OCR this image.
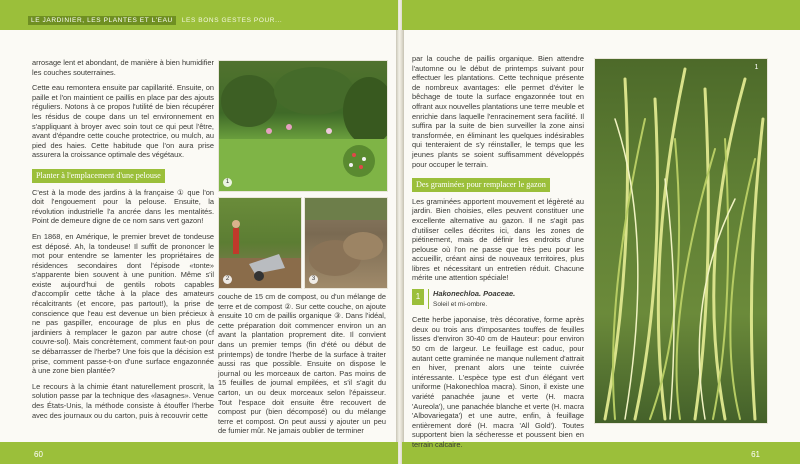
LE JARDINIER, LES PLANTES ET L'EAU LES BONS GESTES POUR...
60	61

arrosage lent et abondant, de manière à bien humidifier les couches souterraines.

Cette eau remontera ensuite par capillarité. Ensuite, on paille et l'on maintient ce paillis en place par des ajouts réguliers. Notons à ce propos l'utilité de bien récupérer les résidus de coupe dans un tel environnement en s'appliquant à broyer avec soin tout ce qui peut l'être, avant d'épandre cette couche protectrice, ou mulch, au pied des haies. Cette habitude que l'on aura prise assurera la croissance optimale des végétaux.

Planter à l'emplacement d'une pelouse

C'est à la mode des jardins à la française ① que l'on doit l'engouement pour la pelouse. Ensuite, la révolution industrielle l'a ancrée dans les mentalités. Point de demeure digne de ce nom sans vert gazon!

En 1868, en Amérique, le premier brevet de tondeuse est déposé. Ah, la tondeuse! Il suffit de prononcer le mot pour entendre se lamenter les propriétaires de résidences secondaires dont l'épisode «tonte» s'apparente bien souvent à une punition. Même s'il existe aujourd'hui de gentils robots capables d'accomplir cette tâche à la place des amateurs récalcitrants (et encore, pas partout!), la prise de conscience que l'eau est devenue un bien précieux à ne pas gaspiller, encourage de plus en plus de jardiniers à remplacer le gazon par autre chose (cf couvre-sol). Mais concrètement, comment faut-on pour se débarrasser de l'herbe? Une fois que la décision est prise, comment passe-t-on d'une surface engazonnée à une zone bien plantée?

Le recours à la chimie étant naturellement proscrit, la solution passe par la technique des «lasagnes». Venue des États-Unis, la méthode consiste à étouffer l'herbe avec des journaux ou du carton, puis à recouvrir cette

1
2	3

couche de 15 cm de compost, ou d'un mélange de terre et de compost ②. Sur cette couche, on ajoute ensuite 10 cm de paillis organique ③. Dans l'idéal, cette préparation doit commencer environ un an avant la plantation proprement dite. Il convient dans un premier temps (fin d'été ou début de printemps) de tondre l'herbe de la surface à traiter aussi ras que possible. Ensuite on dispose le journal ou les morceaux de carton. Pas moins de 15 feuilles de journal empilées, et s'il s'agit du carton, un ou deux morceaux selon l'épaisseur. Tout l'espace doit ensuite être recouvert de compost pur (bien décomposé) ou du mélange terre et compost. On peut aussi y ajouter un peu de fumier mûr. Ne jamais oublier de terminer

par la couche de paillis organique. Bien attendre l'automne ou le début de printemps suivant pour effectuer les plantations. Cette technique présente de nombreux avantages: elle permet d'éviter le bêchage de toute la surface engazonnée tout en offrant aux nouvelles plantations une terre meuble et enrichie dans laquelle l'enracinement sera facilité. Il suffira par la suite de bien surveiller la zone ainsi transformée, en éliminant les quelques indésirables qui tenteraient de s'y réinstaller, le temps que les jeunes plants se soient suffisamment développés pour occuper le terrain.

Des graminées pour remplacer le gazon

Les graminées apportent mouvement et légèreté au jardin. Bien choisies, elles peuvent constituer une excellente alternative au gazon. Il ne s'agit pas d'utiliser celles décrites ici, dans les zones de piétinement, mais de définir les endroits d'une pelouse où l'on ne passe que très peu pour les accueillir, créant ainsi de nouveaux territoires, plus libres et nécessitant un entretien réduit. Chacune mérite une attention spéciale!

1 Hakonechloa. Poaceae.
Soleil et mi-ombre.

Cette herbe japonaise, très décorative, forme après deux ou trois ans d'imposantes touffes de feuilles lisses d'environ 30-40 cm de Hauteur: pour environ 50 cm de largeur. Le feuillage est caduc, pour autant cette graminée ne manque nullement d'attrait en hiver, prenant alors une teinte cuivrée intéressante. L'espèce type est d'un élégant vert uniforme (Hakonechloa macra). Sinon, il existe une variété panachée jaune et verte (H. macra 'Aureola'), une panachée blanche et verte (H. macra 'Albovariegata') et une autre, enfin, à feuillage entièrement doré (H. macra 'All Gold'). Toutes supportent bien la sécheresse et poussent bien en terrain calcaire.

1
